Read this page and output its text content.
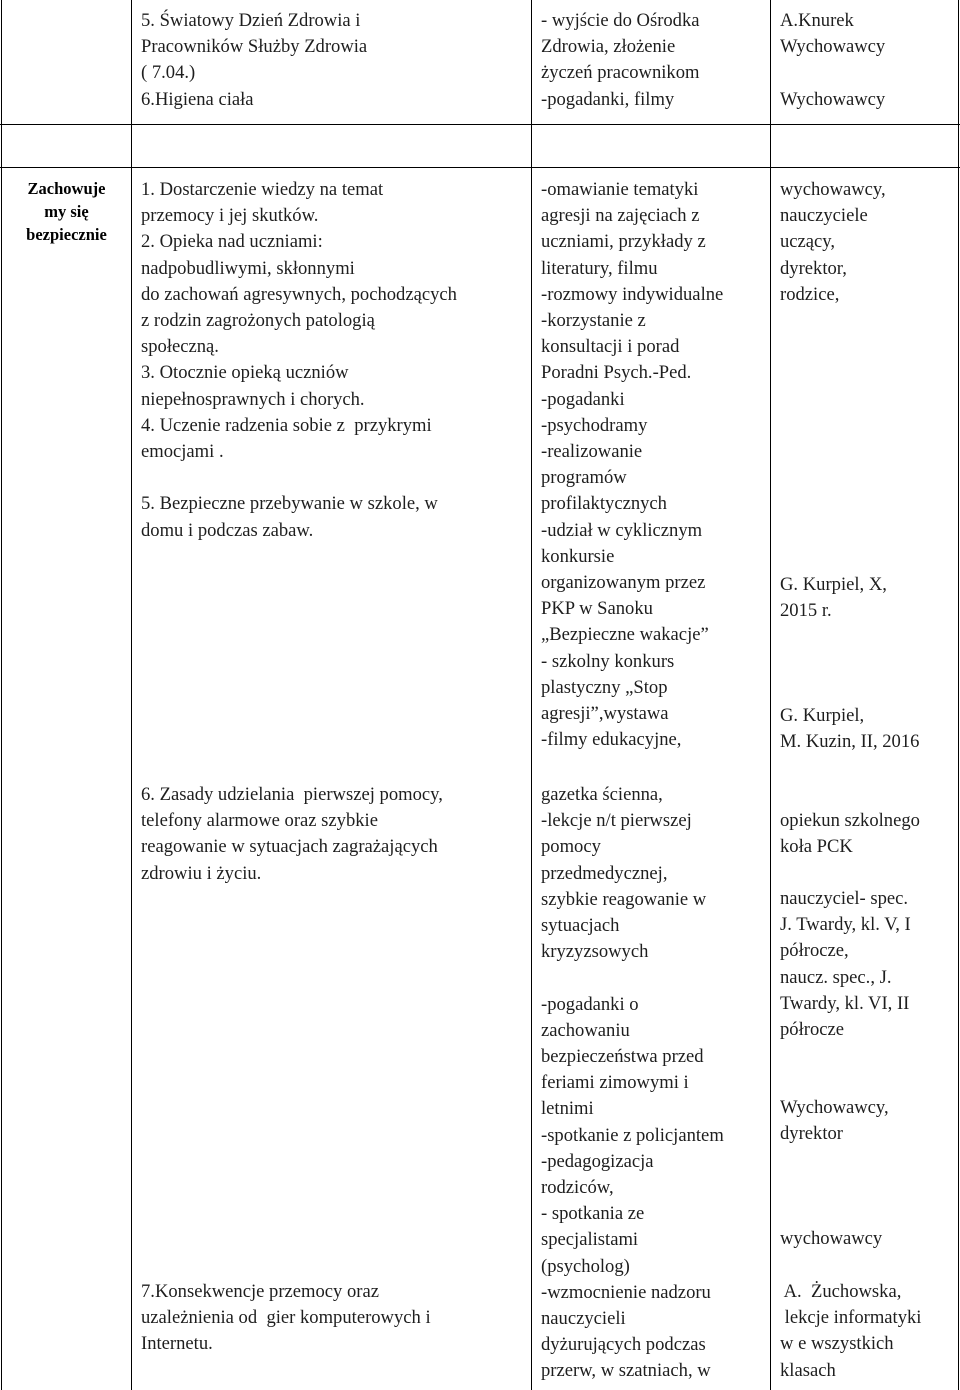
5. Światowy Dzień Zdrowia i
Pracowników Służby Zdrowia
( 7.04.)
6.Higiena ciała
- wyjście do Ośrodka
Zdrowia, złożenie
życzeń pracownikom
-pogadanki, filmy
A.Knurek
Wychowawcy

Wychowawcy
Zachowuje
my się
bezpiecznie
1. Dostarczenie wiedzy na temat
przemocy i jej skutków.
2. Opieka nad uczniami:
nadpobudliwymi, skłonnymi
do zachowań agresywnych, pochodzących
z rodzin zagrożonych patologią
społeczną.
3. Otocznie opieką uczniów
niepełnosprawnych i chorych.
4. Uczenie radzenia sobie z  przykrymi
emocjami .

5. Bezpieczne przebywanie w szkole, w
domu i podczas zabaw.
-omawianie tematyki
agresji na zajęciach z
uczniami, przykłady z
literatury, filmu
-rozmowy indywidualne
-korzystanie z
konsultacji i porad
Poradni Psych.-Ped.
-pogadanki
-psychodramy
-realizowanie
programów
profilaktycznych
-udział w cyklicznym
konkursie
organizowanym przez
PKP w Sanoku
„Bezpieczne wakacje”
- szkolny konkurs
plastyczny „Stop
agresji”,wystawa
-filmy edukacyjne,
wychowawcy,
nauczyciele
uczący,
dyrektor,
rodzice,
G. Kurpiel, X,
2015 r.
G. Kurpiel,
M. Kuzin, II, 2016
6. Zasady udzielania  pierwszej pomocy,
telefony alarmowe oraz szybkie
reagowanie w sytuacjach zagrażających
zdrowiu i życiu.
gazetka ścienna,
-lekcje n/t pierwszej
pomocy
przedmedycznej,
szybkie reagowanie w
sytuacjach
kryzyzsowych

-pogadanki o
zachowaniu
bezpieczeństwa przed
feriami zimowymi i
letnimi
-spotkanie z policjantem
-pedagogizacja
rodziców,
- spotkania ze
specjalistami
(psycholog)
-wzmocnienie nadzoru
nauczycieli
dyżurujących podczas
przerw, w szatniach, w
opiekun szkolnego
koła PCK
nauczyciel- spec.
J. Twardy, kl. V, I
półrocze,
naucz. spec., J.
Twardy, kl. VI, II
półrocze
Wychowawcy,
dyrektor
wychowawcy
A.  Żuchowska,
lekcje informatyki
w e wszystkich
klasach
7.Konsekwencje przemocy oraz
uzależnienia od  gier komputerowych i
Internetu.
